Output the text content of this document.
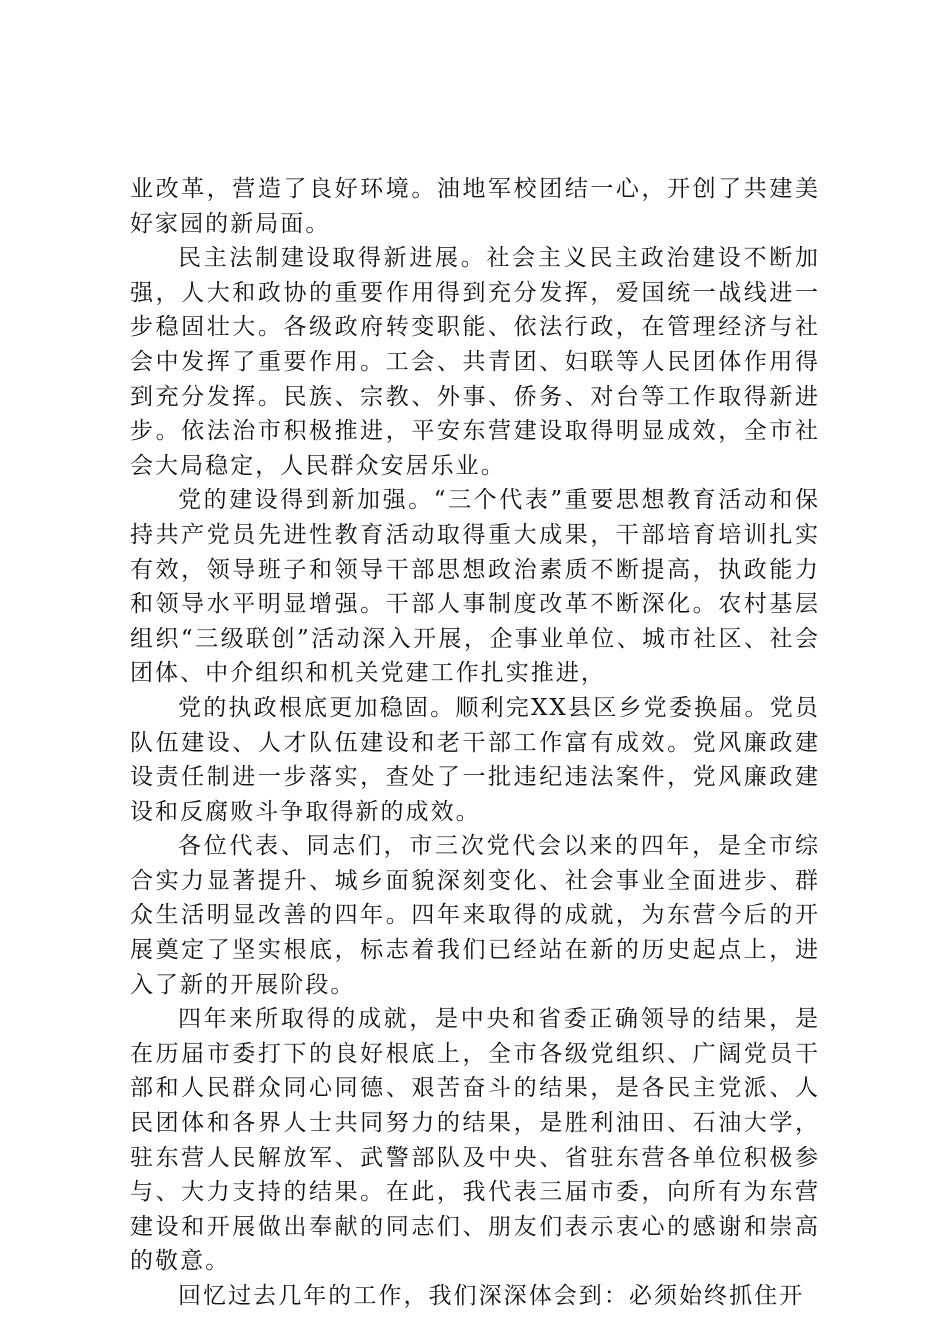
业改革，营造了良好环境。油地军校团结一心，开创了共建美好家园的新局面。

民主法制建设取得新进展。社会主义民主政治建设不断加强，人大和政协的重要作用得到充分发挥，爱国统一战线进一步稳固壮大。各级政府转变职能、依法行政，在管理经济与社会中发挥了重要作用。工会、共青团、妇联等人民团体作用得到充分发挥。民族、宗教、外事、侨务、对台等工作取得新进步。依法治市积极推进，平安东营建设取得明显成效，全市社会大局稳定，人民群众安居乐业。

党的建设得到新加强。“三个代表”重要思想教育活动和保持共产党员先进性教育活动取得重大成果，干部培育培训扎实有效，领导班子和领导干部思想政治素质不断提高，执政能力和领导水平明显增强。干部人事制度改革不断深化。农村基层组织“三级联创”活动深入开展，企事业单位、城市社区、社会团体、中介组织和机关党建工作扎实推进，

党的执政根底更加稳固。顺利完XX县区乡党委换届。党员队伍建设、人才队伍建设和老干部工作富有成效。党风廉政建设责任制进一步落实，查处了一批违纪违法案件，党风廉政建设和反腐败斗争取得新的成效。

各位代表、同志们，市三次党代会以来的四年，是全市综合实力显著提升、城乡面貌深刻变化、社会事业全面进步、群众生活明显改善的四年。四年来取得的成就，为东营今后的开展奠定了坚实根底，标志着我们已经站在新的历史起点上，进入了新的开展阶段。

四年来所取得的成就，是中央和省委正确领导的结果，是在历届市委打下的良好根底上，全市各级党组织、广阔党员干部和人民群众同心同德、艰苦奋斗的结果，是各民主党派、人民团体和各界人士共同努力的结果，是胜利油田、石油大学，驻东营人民解放军、武警部队及中央、省驻东营各单位积极参与、大力支持的结果。在此，我代表三届市委，向所有为东营建设和开展做出奉献的同志们、朋友们表示衷心的感谢和崇高的敬意。

回忆过去几年的工作，我们深深体会到：必须始终抓住开
